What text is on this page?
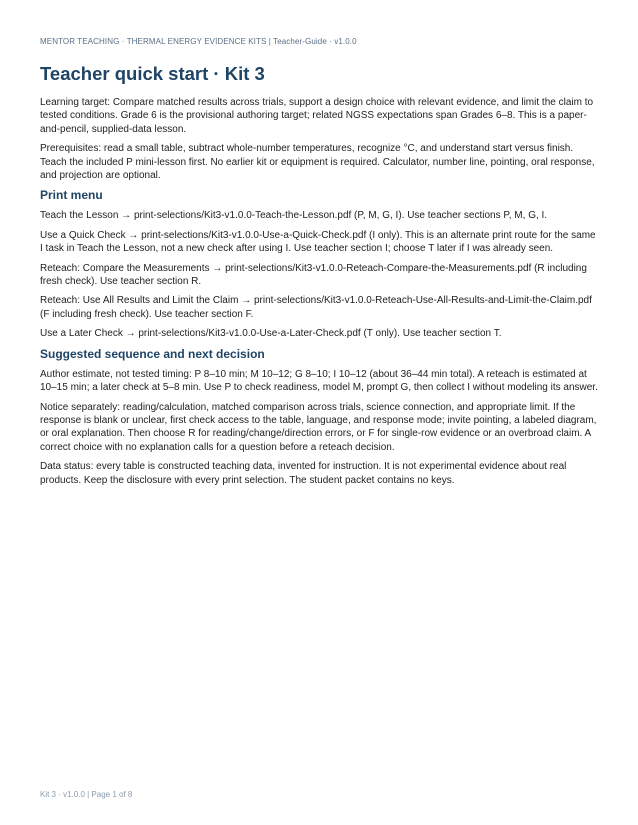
MENTOR TEACHING · THERMAL ENERGY EVIDENCE KITS | Teacher-Guide · v1.0.0

Teacher quick start · Kit 3

Learning target: Compare matched results across trials, support a design choice with relevant evidence, and limit the claim to tested conditions. Grade 6 is the provisional authoring target; related NGSS expectations span Grades 6–8. This is a paper-and-pencil, supplied-data lesson.

Prerequisites: read a small table, subtract whole-number temperatures, recognize °C, and understand start versus finish. Teach the included P mini-lesson first. No earlier kit or equipment is required. Calculator, number line, pointing, oral response, and projection are optional.

Print menu

Teach the Lesson → print-selections/Kit3-v1.0.0-Teach-the-Lesson.pdf (P, M, G, I). Use teacher sections P, M, G, I.

Use a Quick Check → print-selections/Kit3-v1.0.0-Use-a-Quick-Check.pdf (I only). This is an alternate print route for the same I task in Teach the Lesson, not a new check after using I. Use teacher section I; choose T later if I was already seen.

Reteach: Compare the Measurements → print-selections/Kit3-v1.0.0-Reteach-Compare-the-Measurements.pdf (R including fresh check). Use teacher section R.

Reteach: Use All Results and Limit the Claim → print-selections/Kit3-v1.0.0-Reteach-Use-All-Results-and-Limit-the-Claim.pdf (F including fresh check). Use teacher section F.

Use a Later Check → print-selections/Kit3-v1.0.0-Use-a-Later-Check.pdf (T only). Use teacher section T.

Suggested sequence and next decision

Author estimate, not tested timing: P 8–10 min; M 10–12; G 8–10; I 10–12 (about 36–44 min total). A reteach is estimated at 10–15 min; a later check at 5–8 min. Use P to check readiness, model M, prompt G, then collect I without modeling its answer.

Notice separately: reading/calculation, matched comparison across trials, science connection, and appropriate limit. If the response is blank or unclear, first check access to the table, language, and response mode; invite pointing, a labeled diagram, or oral explanation. Then choose R for reading/change/direction errors, or F for single-row evidence or an overbroad claim. A correct choice with no explanation calls for a question before a reteach decision.

Data status: every table is constructed teaching data, invented for instruction. It is not experimental evidence about real products. Keep the disclosure with every print selection. The student packet contains no keys.

Kit 3 · v1.0.0 | Page 1 of 8
